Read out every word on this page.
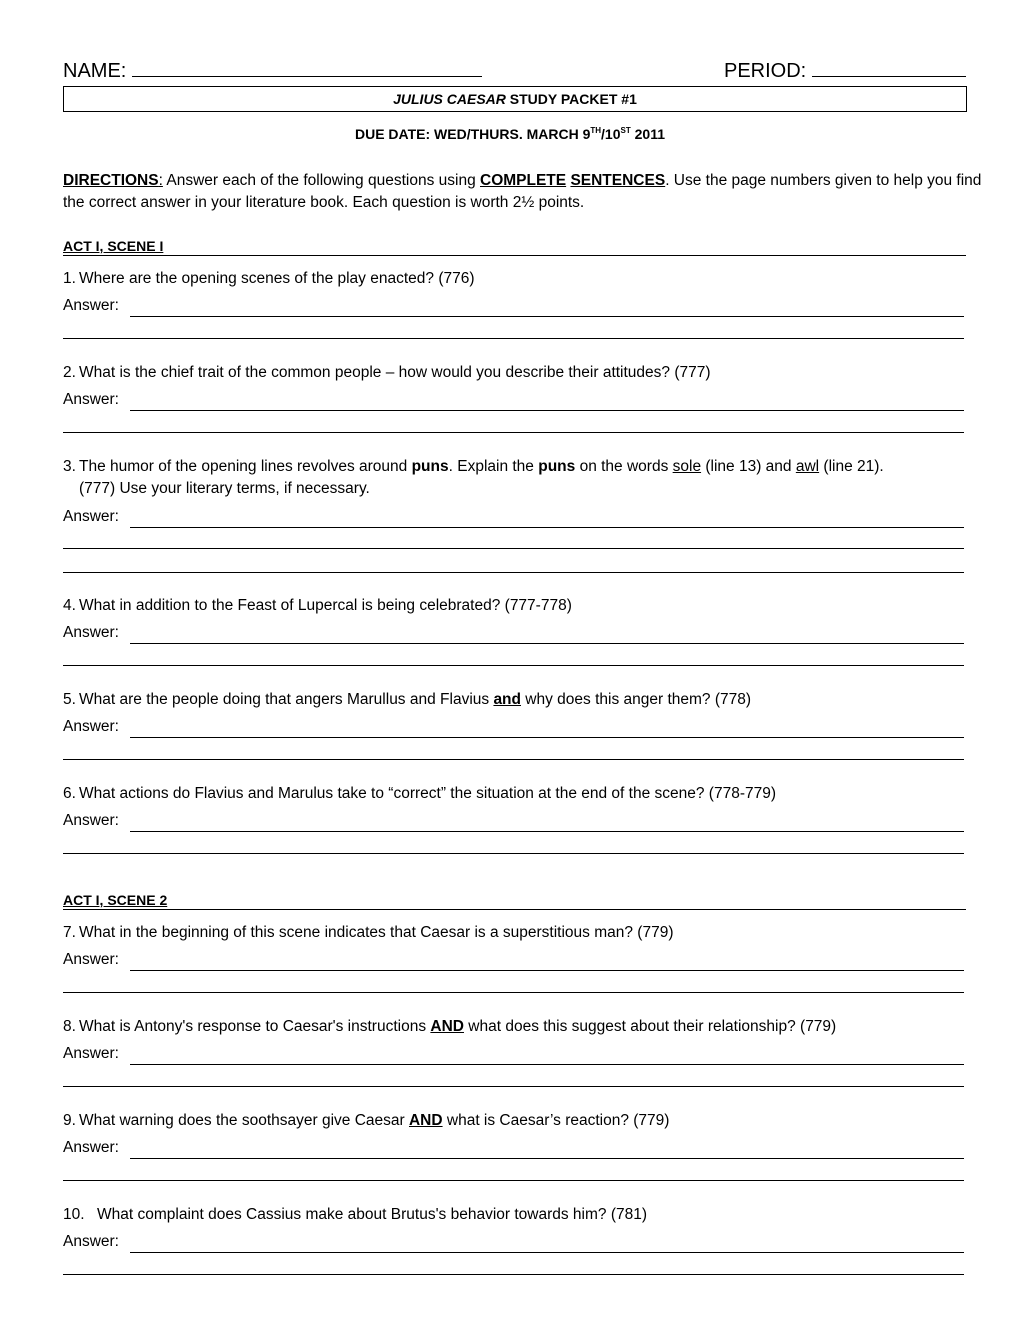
NAME:	PERIOD:
JULIUS CAESAR STUDY PACKET #1
DUE DATE: WED/THURS. MARCH 9TH/10ST 2011
DIRECTIONS: Answer each of the following questions using COMPLETE SENTENCES. Use the page numbers given to help you find the correct answer in your literature book. Each question is worth 2½ points.
ACT I, SCENE I
1. Where are the opening scenes of the play enacted? (776)
Answer:
2. What is the chief trait of the common people – how would you describe their attitudes? (777)
Answer:
3. The humor of the opening lines revolves around puns. Explain the puns on the words sole (line 13) and awl (line 21).
(777) Use your literary terms, if necessary.
Answer:
4. What in addition to the Feast of Lupercal is being celebrated? (777-778)
Answer:
5. What are the people doing that angers Marullus and Flavius and why does this anger them? (778)
Answer:
6. What actions do Flavius and Marulus take to “correct” the situation at the end of the scene? (778-779)
Answer:
ACT I, SCENE 2
7. What in the beginning of this scene indicates that Caesar is a superstitious man? (779)
Answer:
8. What is Antony's response to Caesar's instructions AND what does this suggest about their relationship? (779)
Answer:
9. What warning does the soothsayer give Caesar AND what is Caesar’s reaction? (779)
Answer:
10. What complaint does Cassius make about Brutus's behavior towards him? (781)
Answer:
